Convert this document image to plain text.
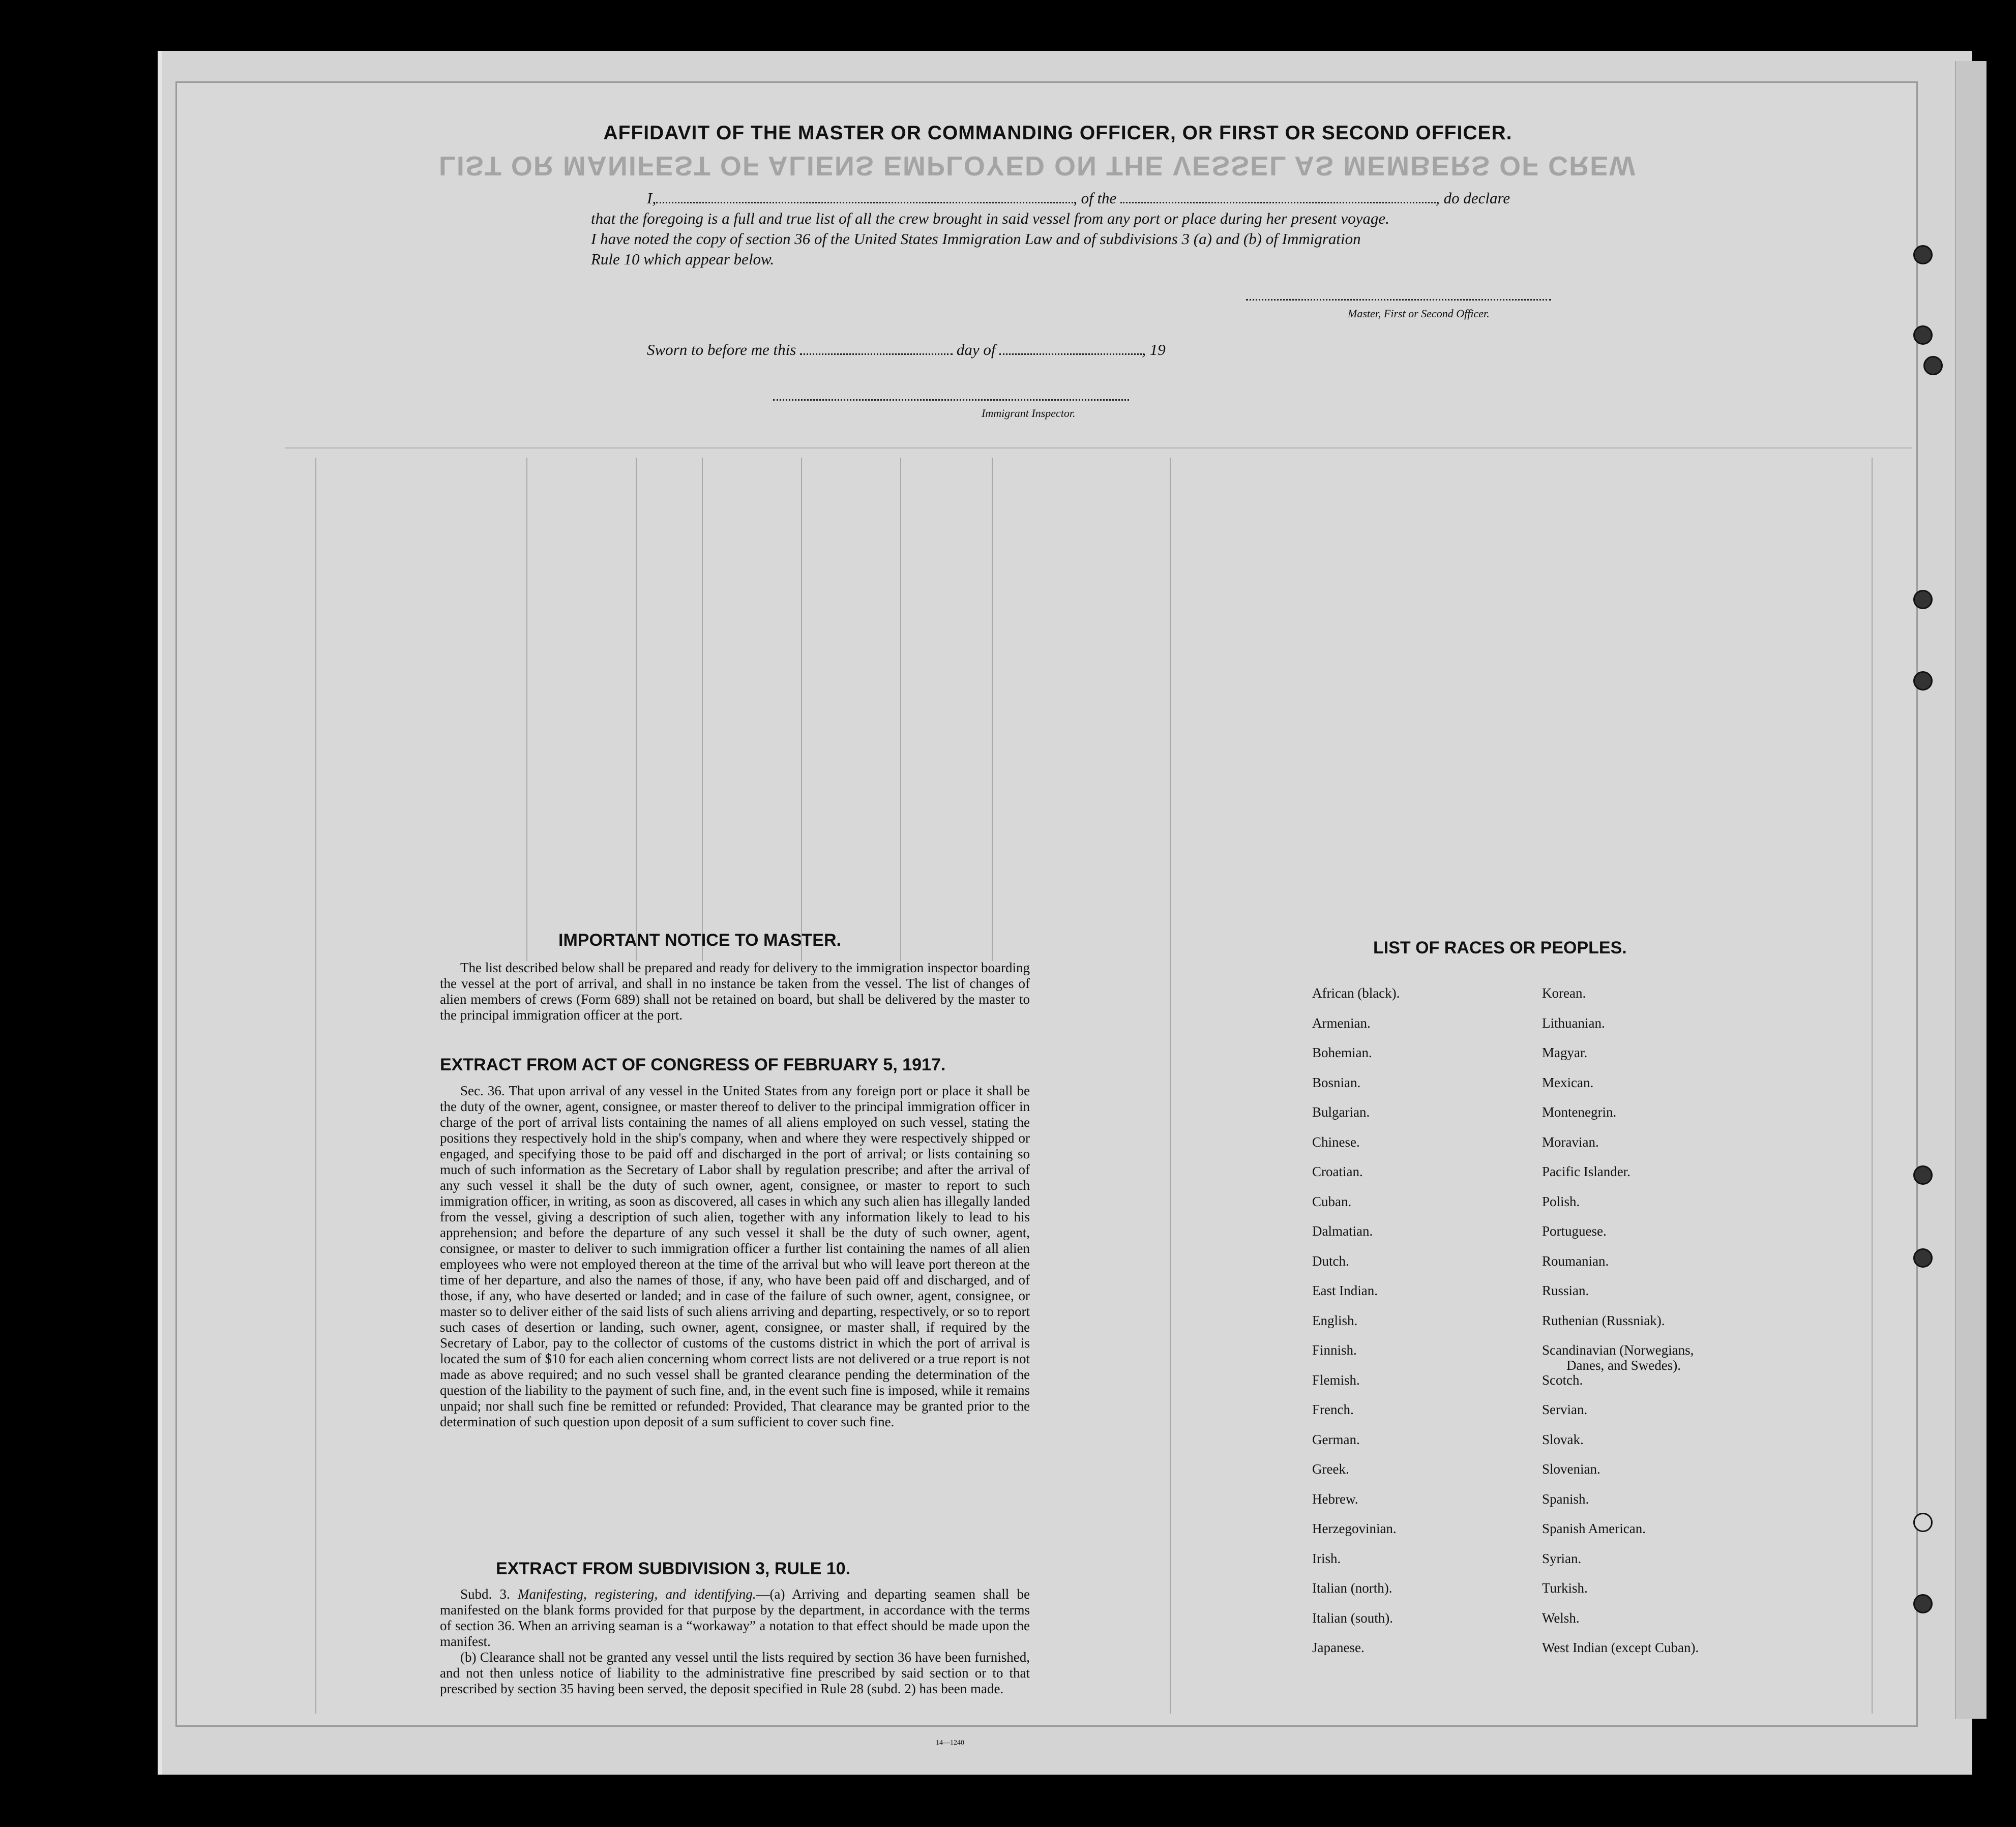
LIST OR MANIFEST OF ALIENS EMPLOYED ON THE VESSEL AS MEMBERS OF CREW
AFFIDAVIT OF THE MASTER OR COMMANDING OFFICER, OR FIRST OR SECOND OFFICER.
I,	, of the	, do declare
that the foregoing is a full and true list of all the crew brought in said vessel from any port or place during her present voyage.
I have noted the copy of section 36 of the United States Immigration Law and of subdivisions 3 (a) and (b) of Immigration
Rule 10 which appear below.
Master, First or Second Officer.
Sworn to before me this	day of	, 19
Immigrant Inspector.
IMPORTANT NOTICE TO MASTER.

The list described below shall be prepared and ready for delivery to the immigration inspector boarding the vessel at the port of arrival, and shall in no instance be taken from the vessel. The list of changes of alien members of crews (Form 689) shall not be retained on board, but shall be delivered by the master to the principal immigration officer at the port.

EXTRACT FROM ACT OF CONGRESS OF FEBRUARY 5, 1917.

Sec. 36. That upon arrival of any vessel in the United States from any foreign port or place it shall be the duty of the owner, agent, consignee, or master thereof to deliver to the principal immigration officer in charge of the port of arrival lists containing the names of all aliens employed on such vessel, stating the positions they respectively hold in the ship's company, when and where they were respectively shipped or engaged, and specifying those to be paid off and discharged in the port of arrival; or lists containing so much of such information as the Secretary of Labor shall by regulation prescribe; and after the arrival of any such vessel it shall be the duty of such owner, agent, consignee, or master to report to such immigration officer, in writing, as soon as discovered, all cases in which any such alien has illegally landed from the vessel, giving a description of such alien, together with any information likely to lead to his apprehension; and before the departure of any such vessel it shall be the duty of such owner, agent, consignee, or master to deliver to such immigration officer a further list containing the names of all alien employees who were not employed thereon at the time of the arrival but who will leave port thereon at the time of her departure, and also the names of those, if any, who have been paid off and discharged, and of those, if any, who have deserted or landed; and in case of the failure of such owner, agent, consignee, or master so to deliver either of the said lists of such aliens arriving and departing, respectively, or so to report such cases of desertion or landing, such owner, agent, consignee, or master shall, if required by the Secretary of Labor, pay to the collector of customs of the customs district in which the port of arrival is located the sum of $10 for each alien concerning whom correct lists are not delivered or a true report is not made as above required; and no such vessel shall be granted clearance pending the determination of the question of the liability to the payment of such fine, and, in the event such fine is imposed, while it remains unpaid; nor shall such fine be remitted or refunded: Provided, That clearance may be granted prior to the determination of such question upon deposit of a sum sufficient to cover such fine.

EXTRACT FROM SUBDIVISION 3, RULE 10.

Subd. 3. Manifesting, registering, and identifying.—(a) Arriving and departing seamen shall be manifested on the blank forms provided for that purpose by the department, in accordance with the terms of section 36. When an arriving seaman is a “workaway” a notation to that effect should be made upon the manifest.

(b) Clearance shall not be granted any vessel until the lists required by section 36 have been furnished, and not then unless notice of liability to the administrative fine prescribed by said section or to that prescribed by section 35 having been served, the deposit specified in Rule 28 (subd. 2) has been made.

14—1240
LIST OF RACES OR PEOPLES.
African (black).
Armenian.
Bohemian.
Bosnian.
Bulgarian.
Chinese.
Croatian.
Cuban.
Dalmatian.
Dutch.
East Indian.
English.
Finnish.
Flemish.
French.
German.
Greek.
Hebrew.
Herzegovinian.
Irish.
Italian (north).
Italian (south).
Japanese.
Korean.
Lithuanian.
Magyar.
Mexican.
Montenegrin.
Moravian.
Pacific Islander.
Polish.
Portuguese.
Roumanian.
Russian.
Ruthenian (Russniak).
Scandinavian (Norwegians,
Danes, and Swedes).
Scotch.
Servian.
Slovak.
Slovenian.
Spanish.
Spanish American.
Syrian.
Turkish.
Welsh.
West Indian (except Cuban).
